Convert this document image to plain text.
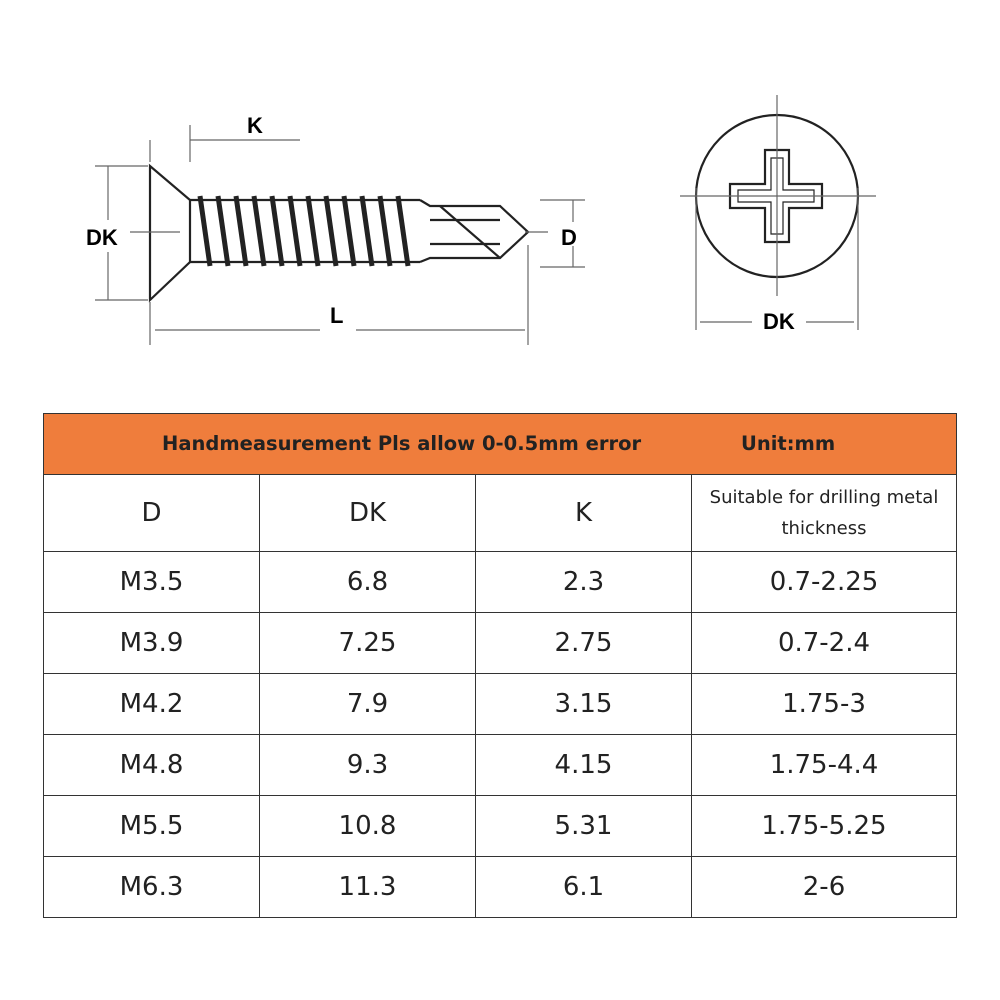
K
DK	D
L	DK
Handmeasurement Pls allow 0-0.5mm error Unit:mm			

D	DK	K	Suitable for drilling metal thickness
M3.5	6.8	2.3	0.7-2.25
M3.9	7.25	2.75	0.7-2.4
M4.2	7.9	3.15	1.75-3
M4.8	9.3	4.15	1.75-4.4
M5.5	10.8	5.31	1.75-5.25
M6.3	11.3	6.1	2-6
